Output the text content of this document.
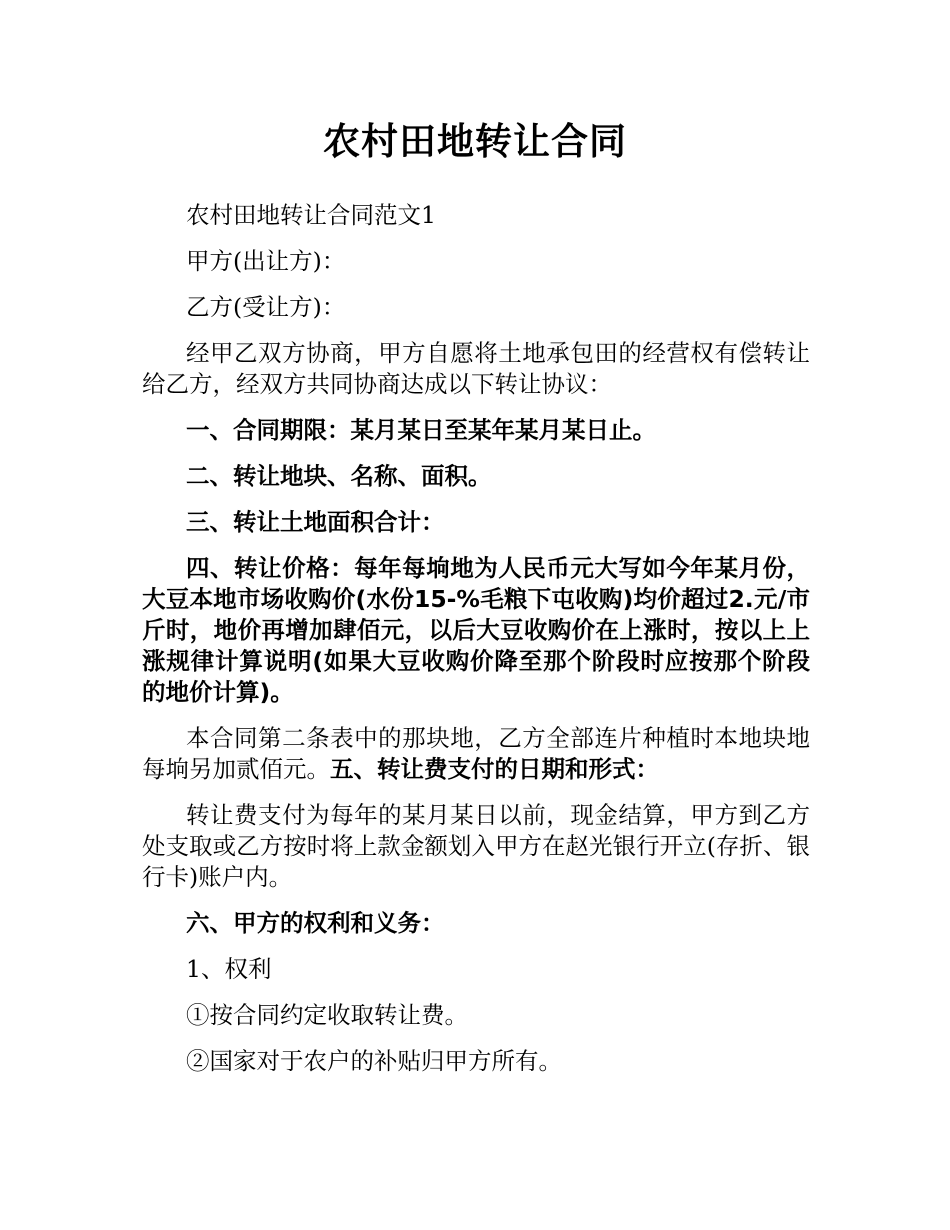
农村田地转让合同

农村田地转让合同范文1

甲方(出让方)：

乙方(受让方)：

经甲乙双方协商，甲方自愿将土地承包田的经营权有偿转让给乙方，经双方共同协商达成以下转让协议：

一、合同期限：某月某日至某年某月某日止。

二、转让地块、名称、面积。

三、转让土地面积合计：

四、转让价格：每年每垧地为人民币元大写如今年某月份，大豆本地市场收购价(水份15-%毛粮下屯收购)均价超过2.元/市斤时，地价再增加肆佰元，以后大豆收购价在上涨时，按以上上涨规律计算说明(如果大豆收购价降至那个阶段时应按那个阶段的地价计算)。

本合同第二条表中的那块地，乙方全部连片种植时本地块地每垧另加贰佰元。五、转让费支付的日期和形式：

转让费支付为每年的某月某日以前，现金结算，甲方到乙方处支取或乙方按时将上款金额划入甲方在赵光银行开立(存折、银行卡)账户内。

六、甲方的权利和义务：

1、权利

①按合同约定收取转让费。

②国家对于农户的补贴归甲方所有。
